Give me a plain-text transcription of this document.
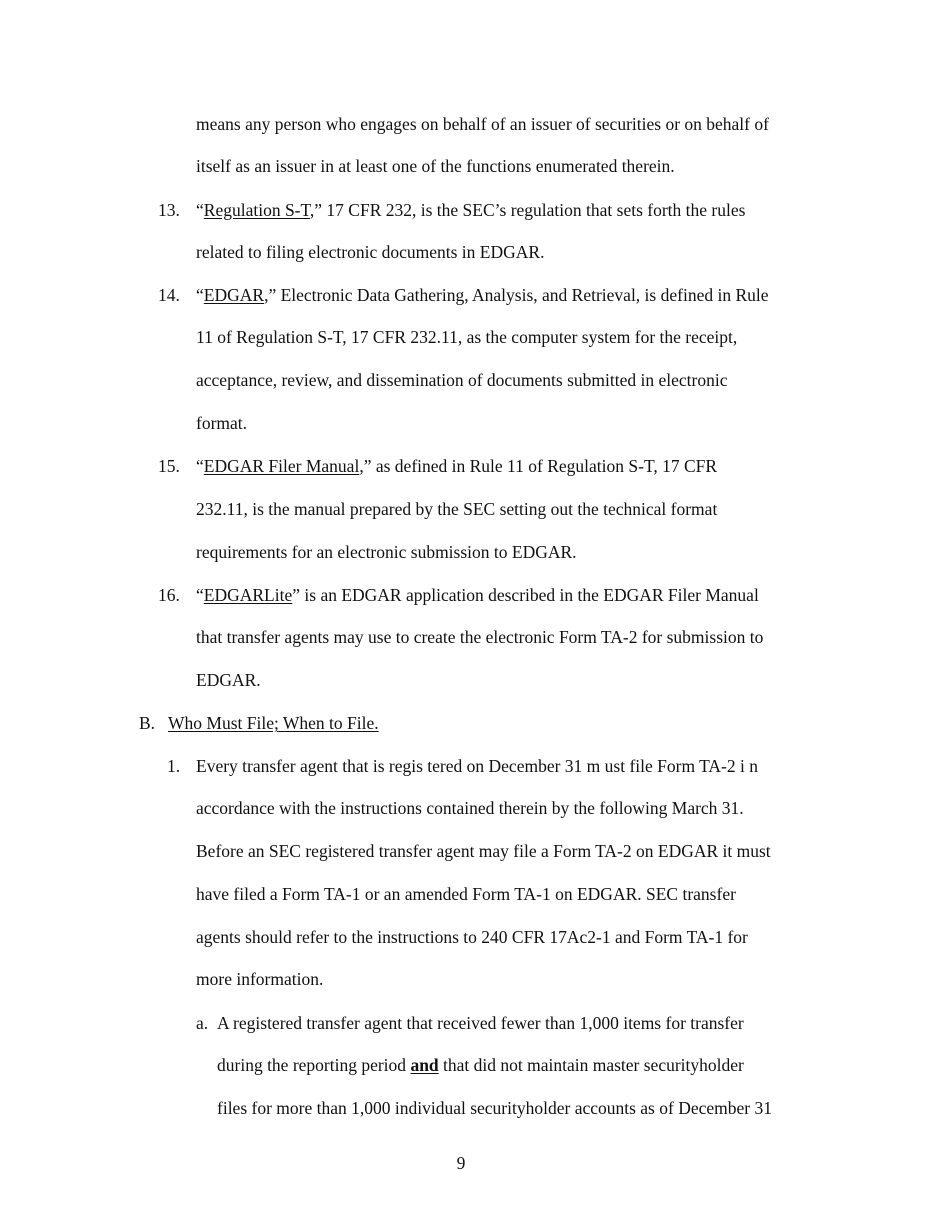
means any person who engages on behalf of an issuer of securities or on behalf of
itself as an issuer in at least one of the functions enumerated therein.
13. “Regulation S-T,” 17 CFR 232, is the SEC’s regulation that sets forth the rules
related to filing electronic documents in EDGAR.
14. “EDGAR,” Electronic Data Gathering, Analysis, and Retrieval, is defined in Rule
11 of Regulation S-T, 17 CFR 232.11, as the computer system for the receipt,
acceptance, review, and dissemination of documents submitted in electronic
format.
15. “EDGAR Filer Manual,” as defined in Rule 11 of Regulation S-T, 17 CFR
232.11, is the manual prepared by the SEC setting out the technical format
requirements for an electronic submission to EDGAR.
16. “EDGARLite” is an EDGAR application described in the EDGAR Filer Manual
that transfer agents may use to create the electronic Form TA-2 for submission to
EDGAR.
B. Who Must File; When to File.
1. Every transfer agent that is regis tered on December 31 m ust file Form TA-2 i n
accordance with the instructions contained therein by the following March 31.
Before an SEC registered transfer agent may file a Form TA-2 on EDGAR it must
have filed a Form TA-1 or an amended Form TA-1 on EDGAR. SEC transfer
agents should refer to the instructions to 240 CFR 17Ac2-1 and Form TA-1 for
more information.
a. A registered transfer agent that received fewer than 1,000 items for transfer
during the reporting period and that did not maintain master securityholder
files for more than 1,000 individual securityholder accounts as of December 31
9
